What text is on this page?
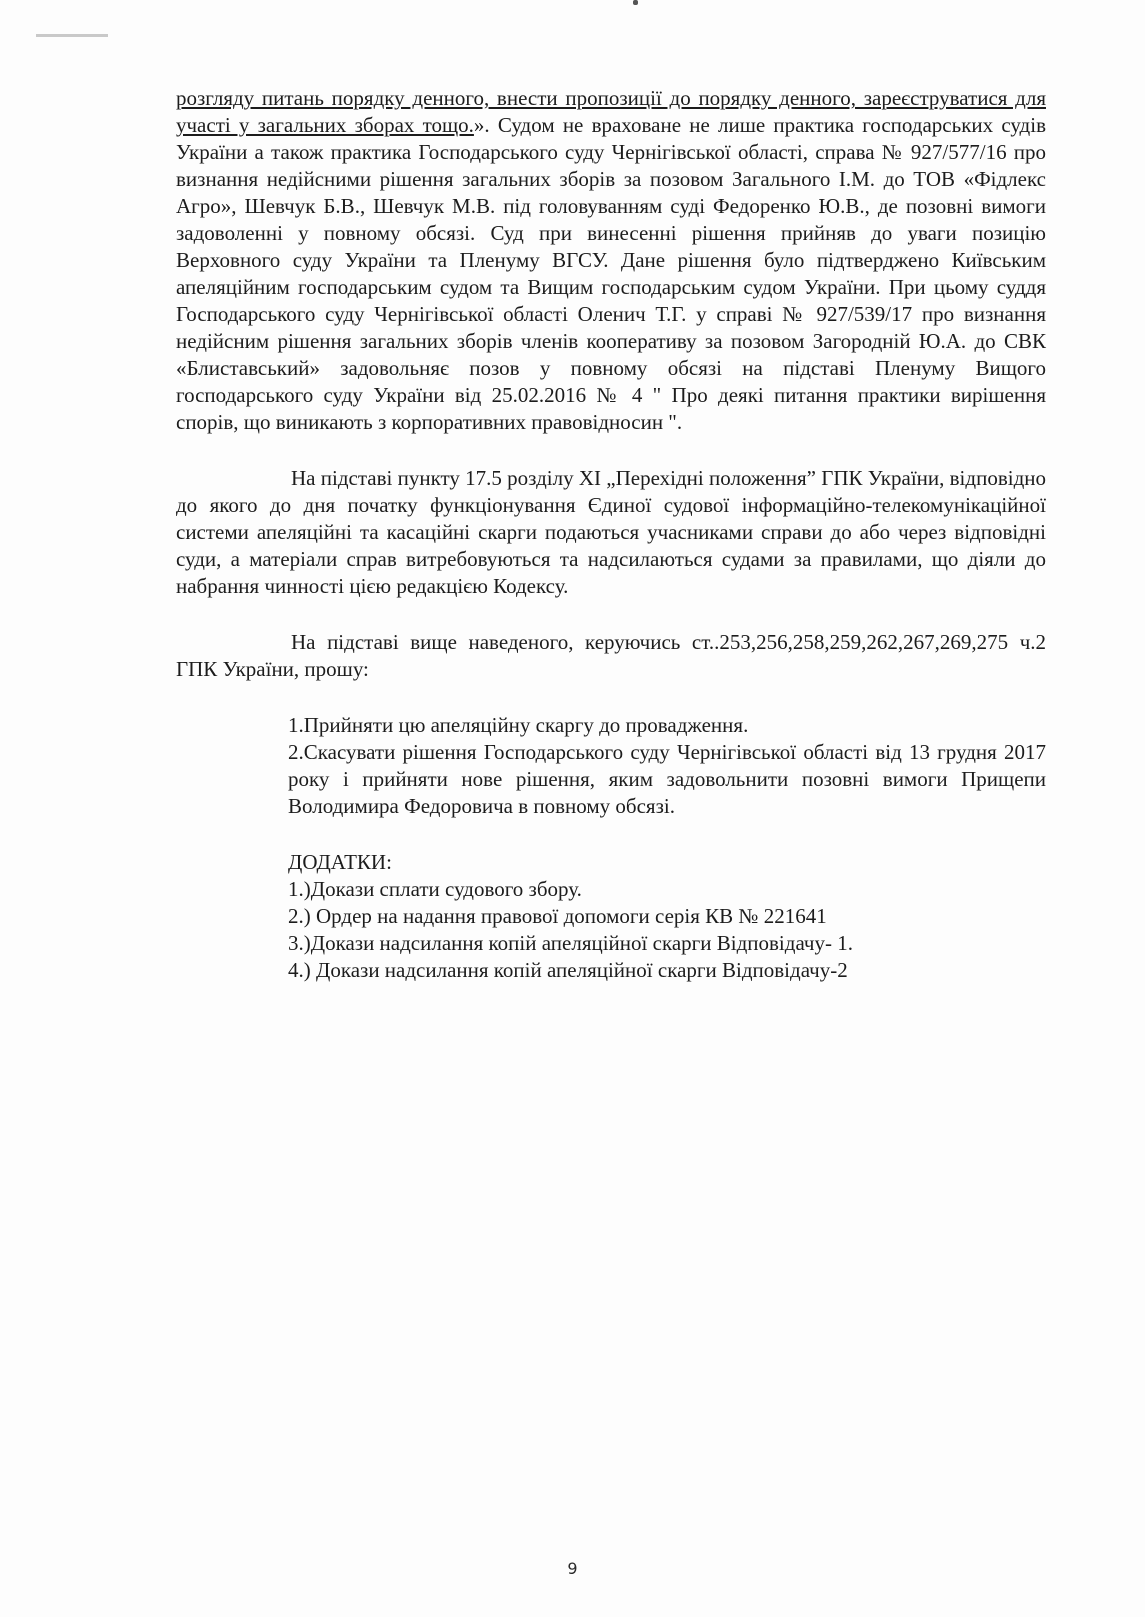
розгляду питань порядку денного, внести пропозиції до порядку денного, зареєструватися для участі у загальних зборах тощо.». Судом не враховане не лише практика господарських судів України а також практика Господарського суду Чернігівської області, справа № 927/577/16 про визнання недійсними рішення загальних зборів за позовом Загального І.М. до ТОВ «Фідлекс Агро», Шевчук Б.В., Шевчук М.В. під головуванням суді Федоренко Ю.В., де позовні вимоги задоволенні у повному обсязі. Суд при винесенні рішення прийняв до уваги позицію Верховного суду України та Пленуму ВГСУ. Дане рішення було підтверджено Київським апеляційним господарським судом та Вищим господарським судом України. При цьому суддя Господарського суду Чернігівської області Оленич Т.Г. у справі № 927/539/17 про визнання недійсним рішення загальних зборів членів кооперативу за позовом Загородній Ю.А. до СВК «Блиставський» задовольняє позов у повному обсязі на підставі Пленуму Вищого господарського суду України від 25.02.2016 № 4 " Про деякі питання практики вирішення спорів, що виникають з корпоративних правовідносин ".

На підставі пункту 17.5 розділу XI „Перехідні положення” ГПК України, відповідно до якого до дня початку функціонування Єдиної судової інформаційно-телекомунікаційної системи апеляційні та касаційні скарги подаються учасниками справи до або через відповідні суди, а матеріали справ витребовуються та надсилаються судами за правилами, що діяли до набрання чинності цією редакцією Кодексу.

На підставі вище наведеного, керуючись ст..253,256,258,259,262,267,269,275 ч.2 ГПК України, прошу:

1.Прийняти цю апеляційну скаргу до провадження.
2.Скасувати рішення Господарського суду Чернігівської області від 13 грудня 2017 року і прийняти нове рішення, яким задовольнити позовні вимоги Прищепи Володимира Федоровича в повному обсязі.

ДОДАТКИ:

1.)Докази сплати судового збору.
2.) Ордер на надання правової допомоги серія КВ № 221641
3.)Докази надсилання копій апеляційної скарги Відповідачу- 1.
4.) Докази надсилання копій апеляційної скарги Відповідачу-2
9
